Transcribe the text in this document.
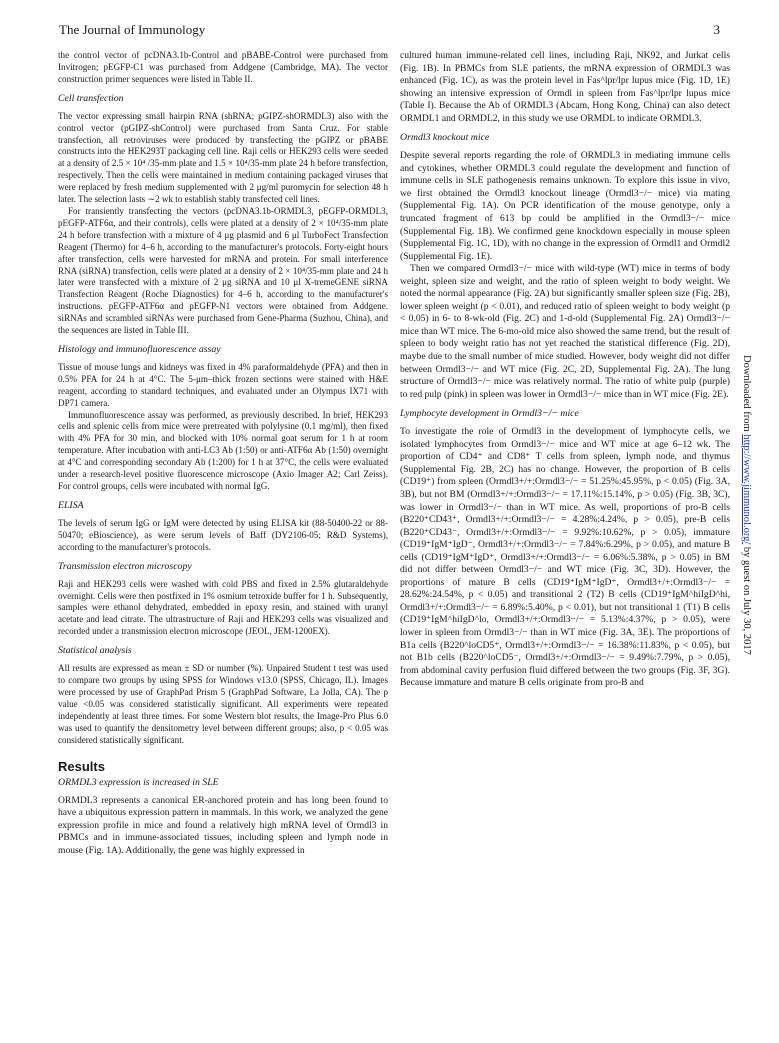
The Journal of Immunology	3

the control vector of pcDNA3.1b-Control and pBABE-Control were purchased from Invitrogen; pEGFP-C1 was purchased from Addgene (Cambridge, MA). The vector construction primer sequences were listed in Table II.

Cell transfection

The vector expressing small hairpin RNA (shRNA; pGIPZ-shORMDL3) also with the control vector (pGIPZ-shControl) were purchased from Santa Cruz. For stable transfection, all retroviruses were produced by transfecting the pGIPZ or pBABE constructs into the HEK293T packaging cell line. Raji cells or HEK293 cells were seeded at a density of 2.5 × 10⁴ /35-mm plate and 1.5 × 10⁴/35-mm plate 24 h before transfection, respectively. Then the cells were maintained in medium containing packaged viruses that were replaced by fresh medium supplemented with 2 μg/ml puromycin for selection 48 h later. The selection lasts ∼2 wk to establish stably transfected cell lines.

For transiently transfecting the vectors (pcDNA3.1b-ORMDL3, pEGFP-ORMDL3, pEGFP-ATF6α, and their controls), cells were plated at a density of 2 × 10⁴/35-mm plate 24 h before transfection with a mixture of 4 μg plasmid and 6 μl TurboFect Transfection Reagent (Thermo) for 4–6 h, according to the manufacturer's protocols. Forty-eight hours after transfection, cells were harvested for mRNA and protein. For small interference RNA (siRNA) transfection, cells were plated at a density of 2 × 10⁴/35-mm plate and 24 h later were transfected with a mixture of 2 μg siRNA and 10 μl X-tremeGENE siRNA Transfection Reagent (Roche Diagnostics) for 4–6 h, according to the manufacturer's instructions. pEGFP-ATF6α and pEGFP-N1 vectors were obtained from Addgene. siRNAs and scrambled siRNAs were purchased from Gene-Pharma (Suzhou, China), and the sequences are listed in Table III.

Histology and immunofluorescence assay

Tissue of mouse lungs and kidneys was fixed in 4% paraformaldehyde (PFA) and then in 0.5% PFA for 24 h at 4°C. The 5-μm–thick frozen sections were stained with H&E reagent, according to standard techniques, and evaluated under an Olympus IX71 with DP71 camera.

Immunofluorescence assay was performed, as previously described. In brief, HEK293 cells and splenic cells from mice were pretreated with polylysine (0.1 mg/ml), then fixed with 4% PFA for 30 min, and blocked with 10% normal goat serum for 1 h at room temperature. After incubation with anti-LC3 Ab (1:50) or anti-ATF6α Ab (1:50) overnight at 4°C and corresponding secondary Ab (1:200) for 1 h at 37°C, the cells were evaluated under a research-level positive fluorescence microscope (Axio Imager A2; Carl Zeiss). For control groups, cells were incubated with normal IgG.

ELISA

The levels of serum IgG or IgM were detected by using ELISA kit (88-50400-22 or 88-50470; eBioscience), as were serum levels of Baff (DY2106-05; R&D Systems), according to the manufacturer's protocols.

Transmission electron microscopy

Raji and HEK293 cells were washed with cold PBS and fixed in 2.5% glutaraldehyde overnight. Cells were then postfixed in 1% osmium tetroxide buffer for 1 h. Subsequently, samples were ethanol dehydrated, embedded in epoxy resin, and stained with uranyl acetate and lead citrate. The ultrastructure of Raji and HEK293 cells was visualized and recorded under a transmission electron microscope (JEOL, JEM-1200EX).

Statistical analysis

All results are expressed as mean ± SD or number (%). Unpaired Student t test was used to compare two groups by using SPSS for Windows v13.0 (SPSS, Chicago, IL). Images were processed by use of GraphPad Prism 5 (GraphPad Software, La Jolla, CA). The p value <0.05 was considered statistically significant. All experiments were repeated independently at least three times. For some Western blot results, the Image-Pro Plus 6.0 was used to quantify the densitometry level between different groups; also, p < 0.05 was considered statistically significant.

Results
ORMDL3 expression is increased in SLE

ORMDL3 represents a canonical ER-anchored protein and has long been found to have a ubiquitous expression pattern in mammals. In this work, we analyzed the gene expression profile in mice and found a relatively high mRNA level of Ormdl3 in PBMCs and in immune-associated tissues, including spleen and lymph node in mouse (Fig. 1A). Additionally, the gene was highly expressed in

cultured human immune-related cell lines, including Raji, NK92, and Jurkat cells (Fig. 1B). In PBMCs from SLE patients, the mRNA expression of ORMDL3 was enhanced (Fig. 1C), as was the protein level in Fas^lpr/lpr lupus mice (Fig. 1D, 1E) showing an intensive expression of Ormdl in spleen from Fas^lpr/lpr lupus mice (Table I). Because the Ab of ORMDL3 (Abcam, Hong Kong, China) can also detect ORMDL1 and ORMDL2, in this study we use ORMDL to indicate ORMDL3.

Ormdl3 knockout mice

Despite several reports regarding the role of ORMDL3 in mediating immune cells and cytokines, whether ORMDL3 could regulate the development and function of immune cells in SLE pathogenesis remains unknown. To explore this issue in vivo, we first obtained the Ormdl3 knockout lineage (Ormdl3−/− mice) via mating (Supplemental Fig. 1A). On PCR identification of the mouse genotype, only a truncated fragment of 613 bp could be amplified in the Ormdl3−/− mice (Supplemental Fig. 1B). We confirmed gene knockdown especially in mouse spleen (Supplemental Fig. 1C, 1D), with no change in the expression of Ormdl1 and Ormdl2 (Supplemental Fig. 1E).

Then we compared Ormdl3−/− mice with wild-type (WT) mice in terms of body weight, spleen size and weight, and the ratio of spleen weight to body weight. We noted the normal appearance (Fig. 2A) but significantly smaller spleen size (Fig. 2B), lower spleen weight (p < 0.01), and reduced ratio of spleen weight to body weight (p < 0.05) in 6- to 8-wk-old (Fig. 2C) and 1-d-old (Supplemental Fig. 2A) Ormdl3−/− mice than WT mice. The 6-mo-old mice also showed the same trend, but the result of spleen to body weight ratio has not yet reached the statistical difference (Fig. 2D), maybe due to the small number of mice studied. However, body weight did not differ between Ormdl3−/− and WT mice (Fig. 2C, 2D, Supplemental Fig. 2A). The lung structure of Ormdl3−/− mice was relatively normal. The ratio of white pulp (purple) to red pulp (pink) in spleen was lower in Ormdl3−/− mice than in WT mice (Fig. 2E).

Lymphocyte development in Ormdl3−/− mice

To investigate the role of Ormdl3 in the development of lymphocyte cells, we isolated lymphocytes from Ormdl3−/− mice and WT mice at age 6–12 wk. The proportion of CD4⁺ and CD8⁺ T cells from spleen, lymph node, and thymus (Supplemental Fig. 2B, 2C) has no change. However, the proportion of B cells (CD19⁺) from spleen (Ormdl3+/+:Ormdl3−/− = 51.25%:45.95%, p < 0.05) (Fig. 3A, 3B), but not BM (Ormdl3+/+:Ormdl3−/− = 17.11%:15.14%, p > 0.05) (Fig. 3B, 3C), was lower in Ormdl3−/− than in WT mice. As well, proportions of pro-B cells (B220⁺CD43⁺, Ormdl3+/+:Ormdl3−/− = 4.28%:4.24%, p > 0.05), pre-B cells (B220⁺CD43⁻, Ormdl3+/+:Ormdl3−/− = 9.92%:10.62%, p > 0.05), immature (CD19⁺IgM⁺IgD⁻, Ormdl3+/+:Ormdl3−/− = 7.84%:6.29%, p > 0.05), and mature B cells (CD19⁺IgM⁺IgD⁺, Ormdl3+/+:Ormdl3−/− = 6.06%:5.38%, p > 0.05) in BM did not differ between Ormdl3−/− and WT mice (Fig. 3C, 3D). However, the proportions of mature B cells (CD19⁺IgM⁺IgD⁺, Ormdl3+/+:Ormdl3−/− = 28.62%:24.54%, p < 0.05) and transitional 2 (T2) B cells (CD19⁺IgM^hiIgD^hi, Ormdl3+/+:Ormdl3−/− = 6.89%:5.40%, p < 0.01), but not transitional 1 (T1) B cells (CD19⁺IgM^hiIgD^lo, Ormdl3+/+:Ormdl3−/− = 5.13%:4.37%, p > 0.05), were lower in spleen from Ormdl3−/− than in WT mice (Fig. 3A, 3E). The proportions of B1a cells (B220^loCD5⁺, Ormdl3+/+:Ormdl3−/− = 16.38%:11.83%, p < 0.05), but not B1b cells (B220^loCD5⁻, Ormdl3+/+:Ormdl3−/− = 9.49%:7.79%, p > 0.05), from abdominal cavity perfusion fluid differed between the two groups (Fig. 3F, 3G). Because immature and mature B cells originate from pro-B and

Downloaded from http://www.jimmunol.org/ by guest on July 30, 2017
